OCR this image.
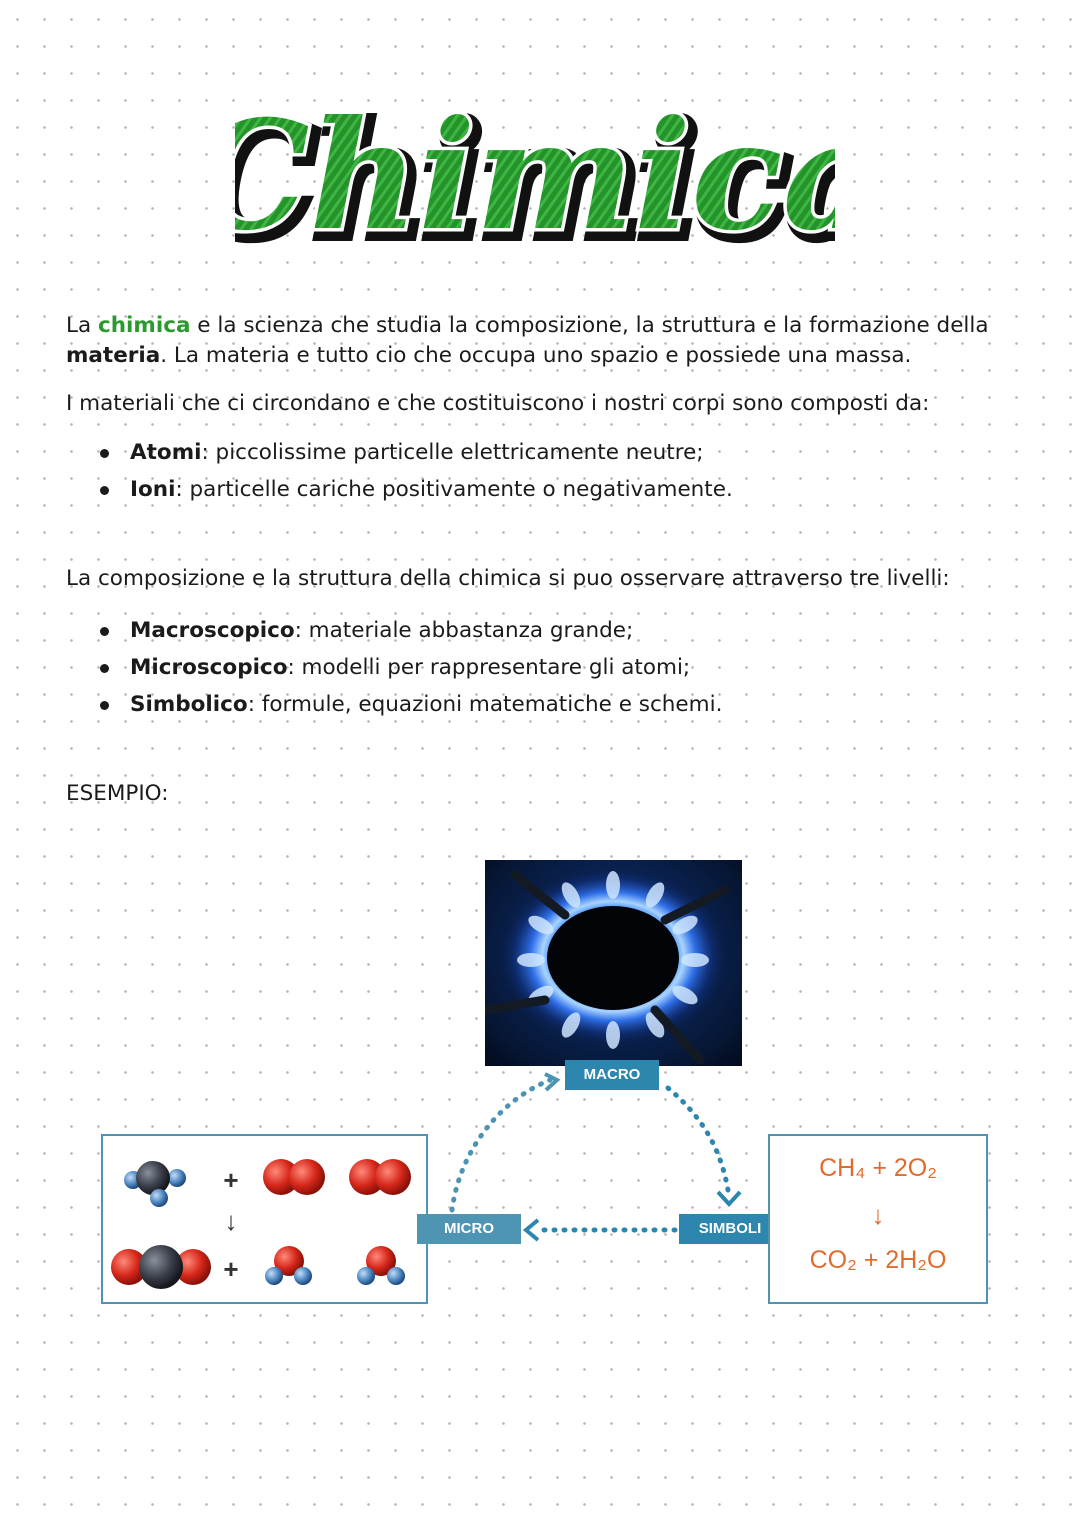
himic
himic
himic

La chimica e la scienza che studia la composizione, la struttura e la formazione della materia. La materia e tutto cio che occupa uno spazio e possiede una massa.

I materiali che ci circondano e che costituiscono i nostri corpi sono composti da:

Atomi: piccolissime particelle elettricamente neutre;
Ioni: particelle cariche positivamente o negativamente.

La composizione e la struttura della chimica si puo osservare attraverso tre livelli:

Macroscopico: materiale abbastanza grande;
Microscopico: modelli per rappresentare gli atomi;
Simbolico: formule, equazioni matematiche e schemi.

ESEMPIO:

MACRO
+
↓
+
MICRO	SIMBOLI
CH₄ + 2O₂
↓
CO₂ + 2H₂O
